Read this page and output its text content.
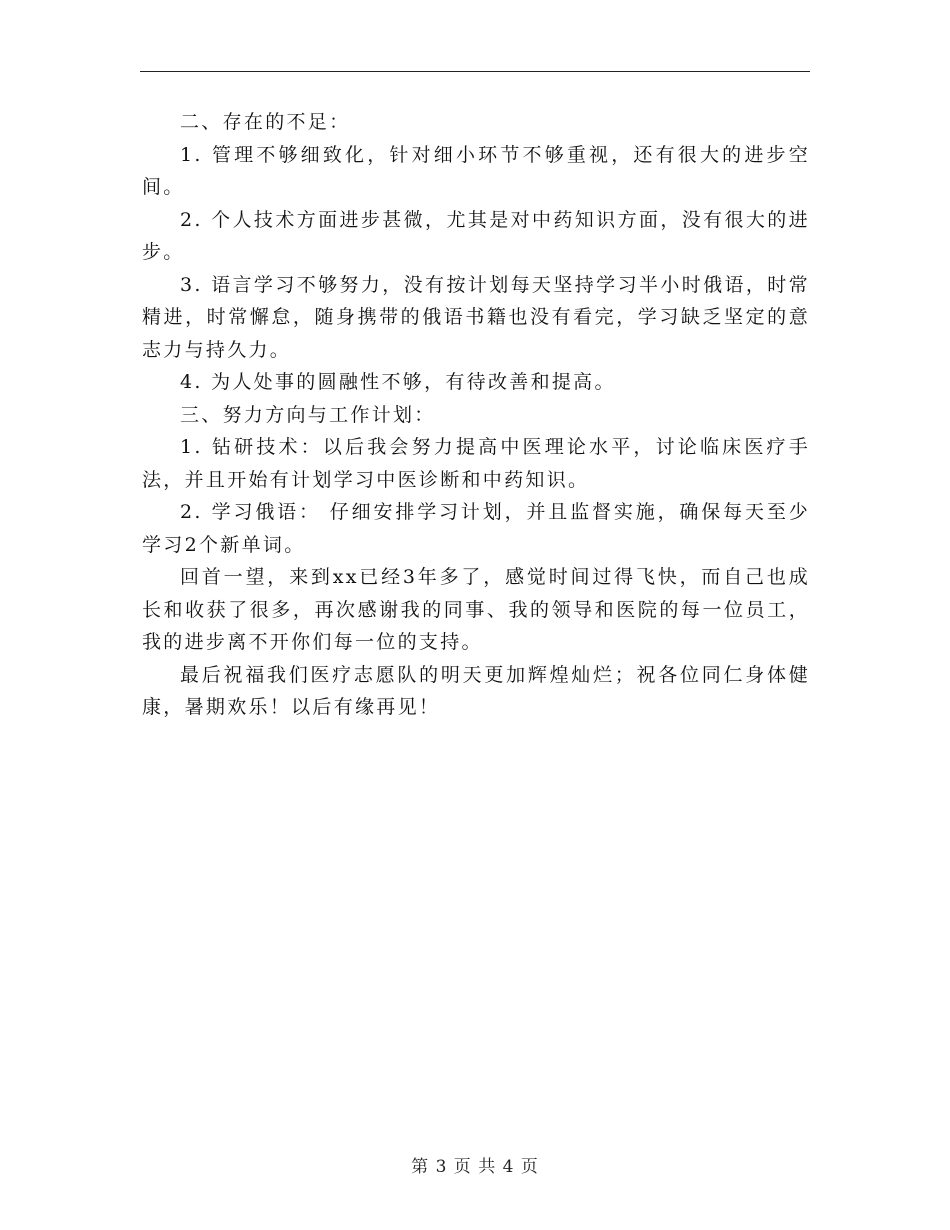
二、存在的不足：

1. 管理不够细致化，针对细小环节不够重视，还有很大的进步空间。

2. 个人技术方面进步甚微，尤其是对中药知识方面，没有很大的进步。

3. 语言学习不够努力，没有按计划每天坚持学习半小时俄语，时常精进，时常懈怠，随身携带的俄语书籍也没有看完，学习缺乏坚定的意志力与持久力。

4. 为人处事的圆融性不够，有待改善和提高。

三、努力方向与工作计划：

1. 钻研技术：以后我会努力提高中医理论水平，讨论临床医疗手法，并且开始有计划学习中医诊断和中药知识。

2. 学习俄语： 仔细安排学习计划，并且监督实施，确保每天至少学习2个新单词。

回首一望，来到xx已经3年多了，感觉时间过得飞快，而自己也成长和收获了很多，再次感谢我的同事、我的领导和医院的每一位员工，我的进步离不开你们每一位的支持。

最后祝福我们医疗志愿队的明天更加辉煌灿烂；祝各位同仁身体健康，暑期欢乐！以后有缘再见！

第 3 页 共 4 页
